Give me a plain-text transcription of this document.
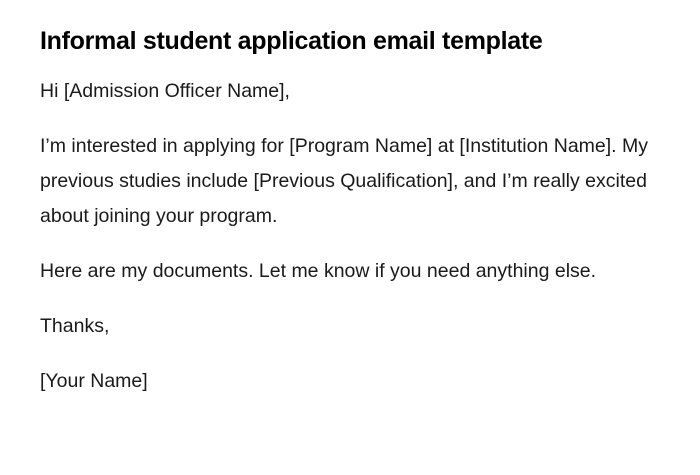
Informal student application email template

Hi [Admission Officer Name],

I’m interested in applying for [Program Name] at [Institution Name]. My previous studies include [Previous Qualification], and I’m really excited about joining your program.

Here are my documents. Let me know if you need anything else.

Thanks,

[Your Name]
